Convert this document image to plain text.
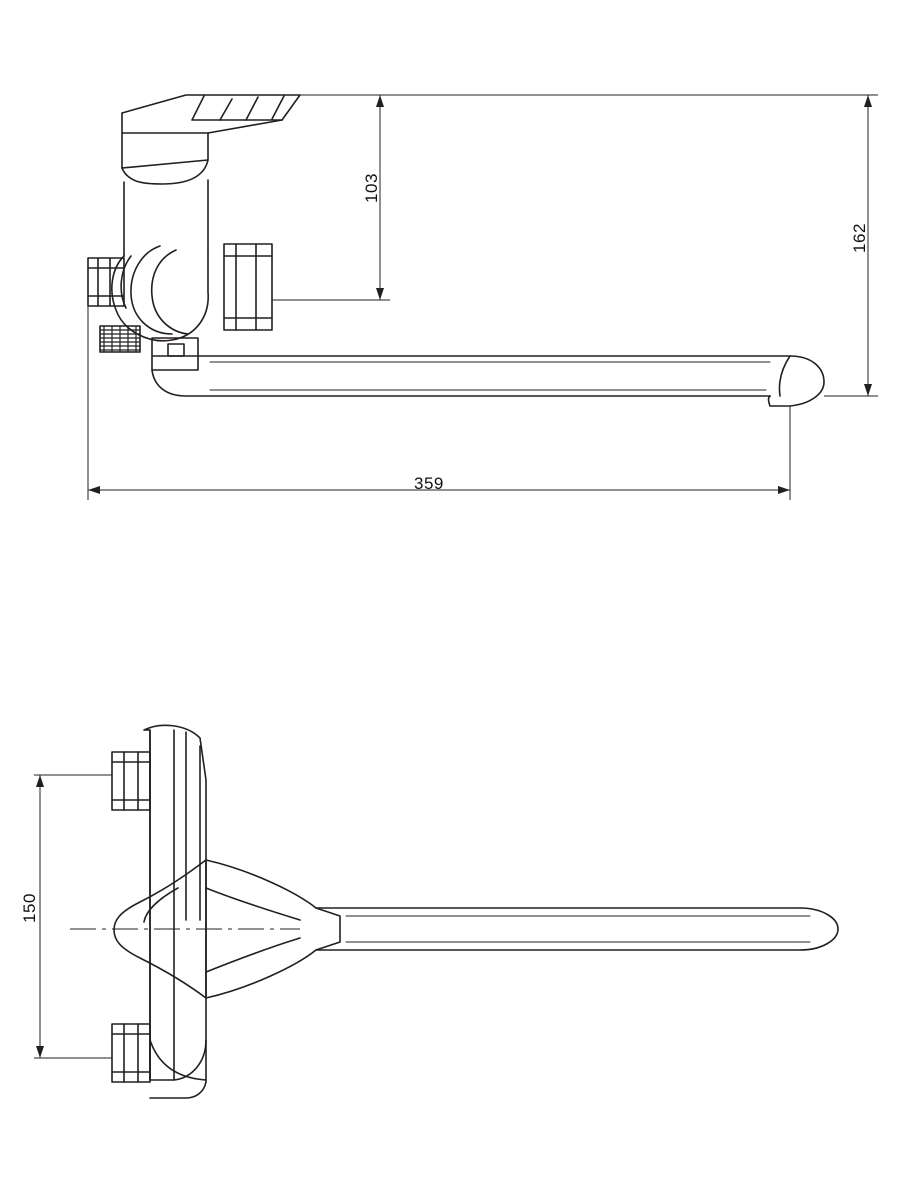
103
162
359
150
